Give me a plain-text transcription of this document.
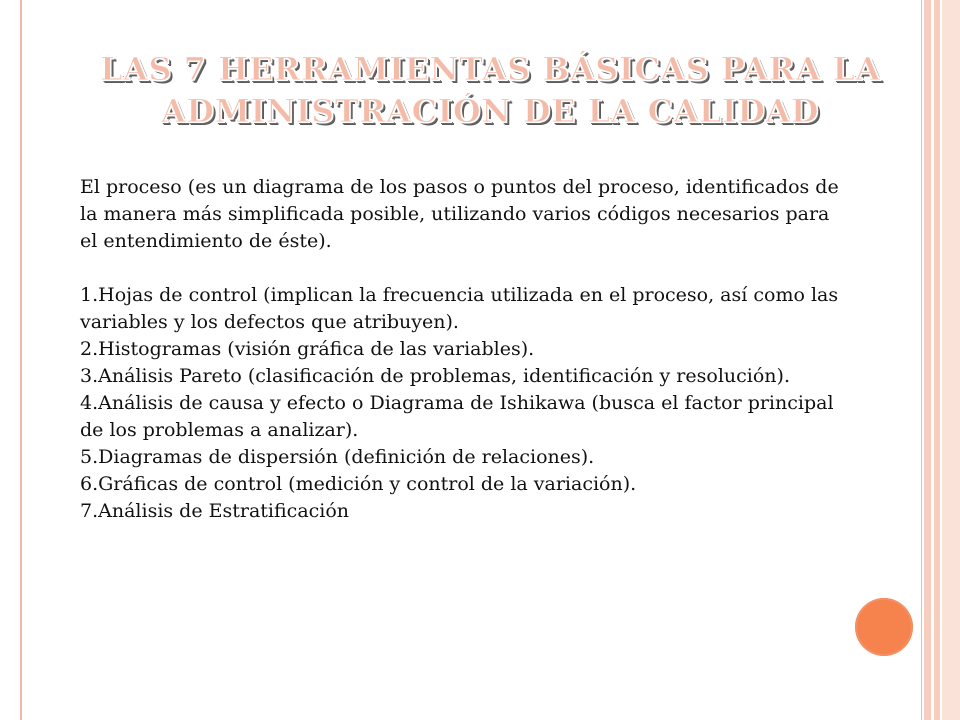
LAS 7 HERRAMIENTAS BÁSICAS PARA LA
ADMINISTRACIÓN DE LA CALIDAD

El proceso (es un diagrama de los pasos o puntos del proceso, identificados de la manera más simplificada posible, utilizando varios códigos necesarios para el entendimiento de éste).

1.Hojas de control (implican la frecuencia utilizada en el proceso, así como las variables y los defectos que atribuyen).
2.Histogramas (visión gráfica de las variables).
3.Análisis Pareto (clasificación de problemas, identificación y resolución).
4.Análisis de causa y efecto o Diagrama de Ishikawa (busca el factor principal de los problemas a analizar).
5.Diagramas de dispersión (definición de relaciones).
6.Gráficas de control (medición y control de la variación).
7.Análisis de Estratificación
